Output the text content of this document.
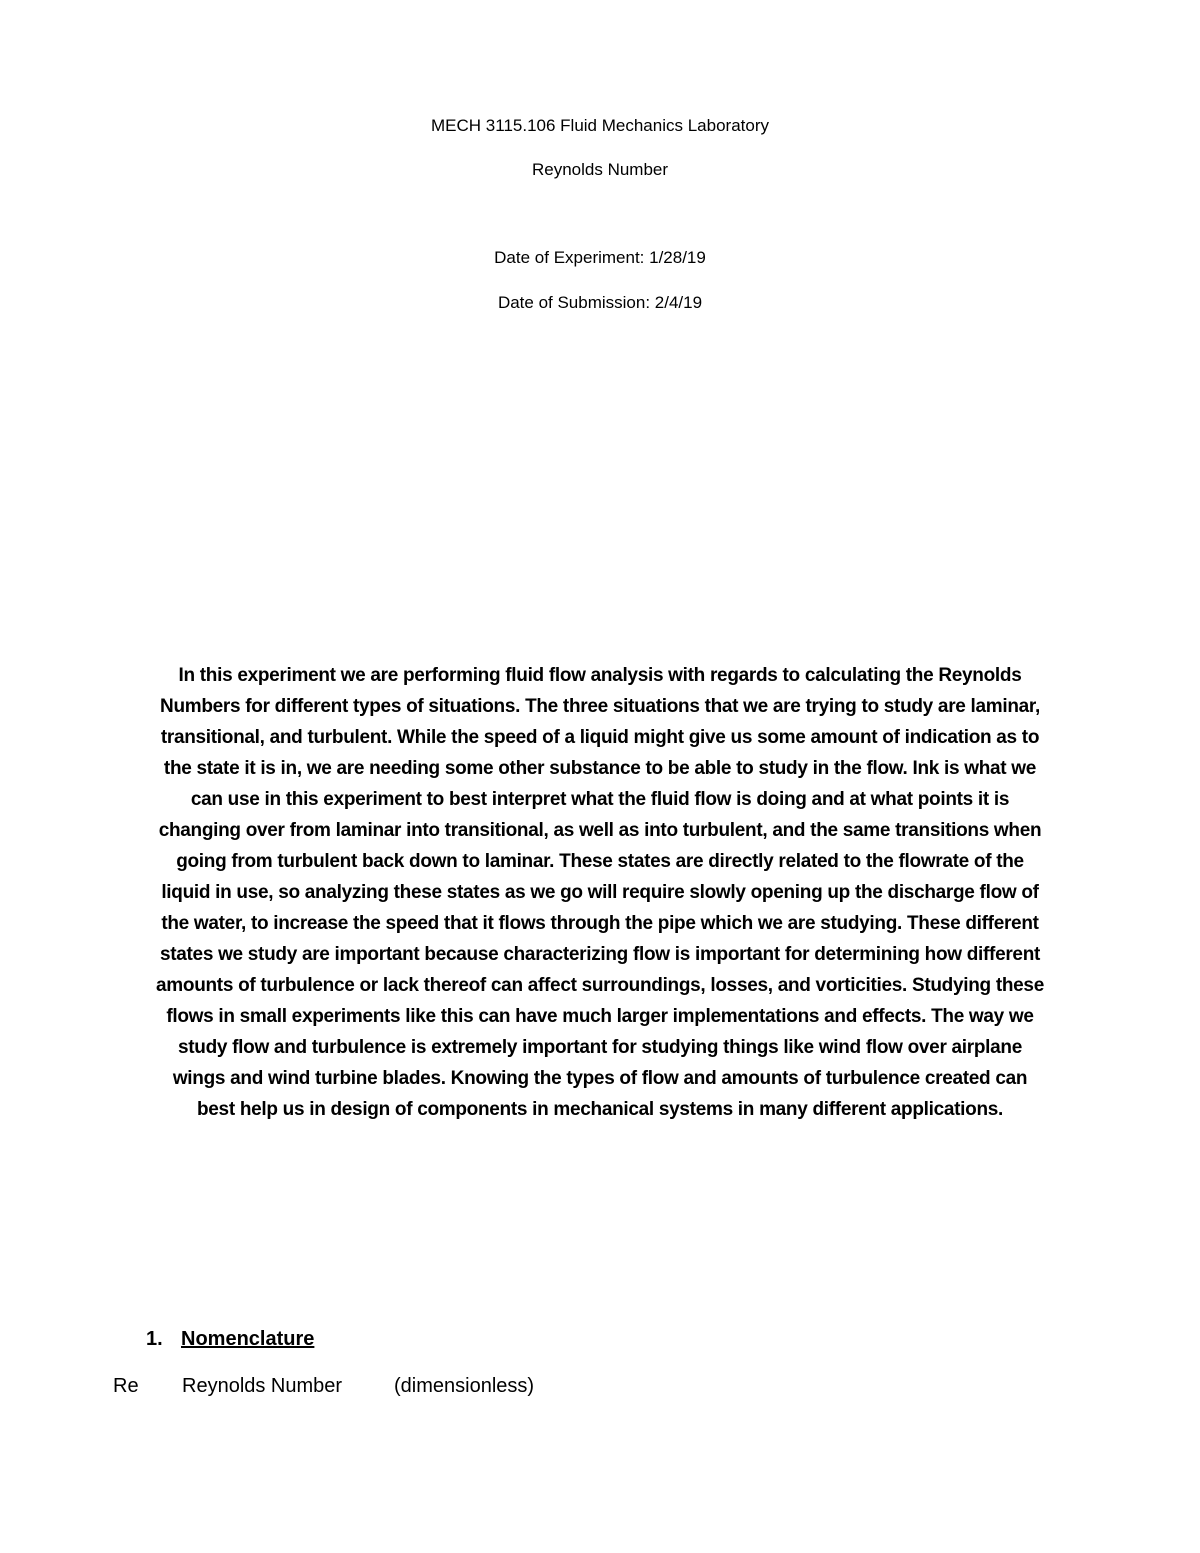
MECH 3115.106 Fluid Mechanics Laboratory
Reynolds Number
Date of Experiment: 1/28/19
Date of Submission: 2/4/19
In this experiment we are performing fluid flow analysis with regards to calculating the Reynolds
Numbers for different types of situations. The three situations that we are trying to study are laminar,
transitional, and turbulent. While the speed of a liquid might give us some amount of indication as to
the state it is in, we are needing some other substance to be able to study in the flow. Ink is what we
can use in this experiment to best interpret what the fluid flow is doing and at what points it is
changing over from laminar into transitional, as well as into turbulent, and the same transitions when
going from turbulent back down to laminar. These states are directly related to the flowrate of the
liquid in use, so analyzing these states as we go will require slowly opening up the discharge flow of
the water, to increase the speed that it flows through the pipe which we are studying. These different
states we study are important because characterizing flow is important for determining how different
amounts of turbulence or lack thereof can affect surroundings, losses, and vorticities. Studying these
flows in small experiments like this can have much larger implementations and effects. The way we
study flow and turbulence is extremely important for studying things like wind flow over airplane
wings and wind turbine blades. Knowing the types of flow and amounts of turbulence created can
best help us in design of components in mechanical systems in many different applications.
1. Nomenclature
Re Reynolds Number	(dimensionless)
